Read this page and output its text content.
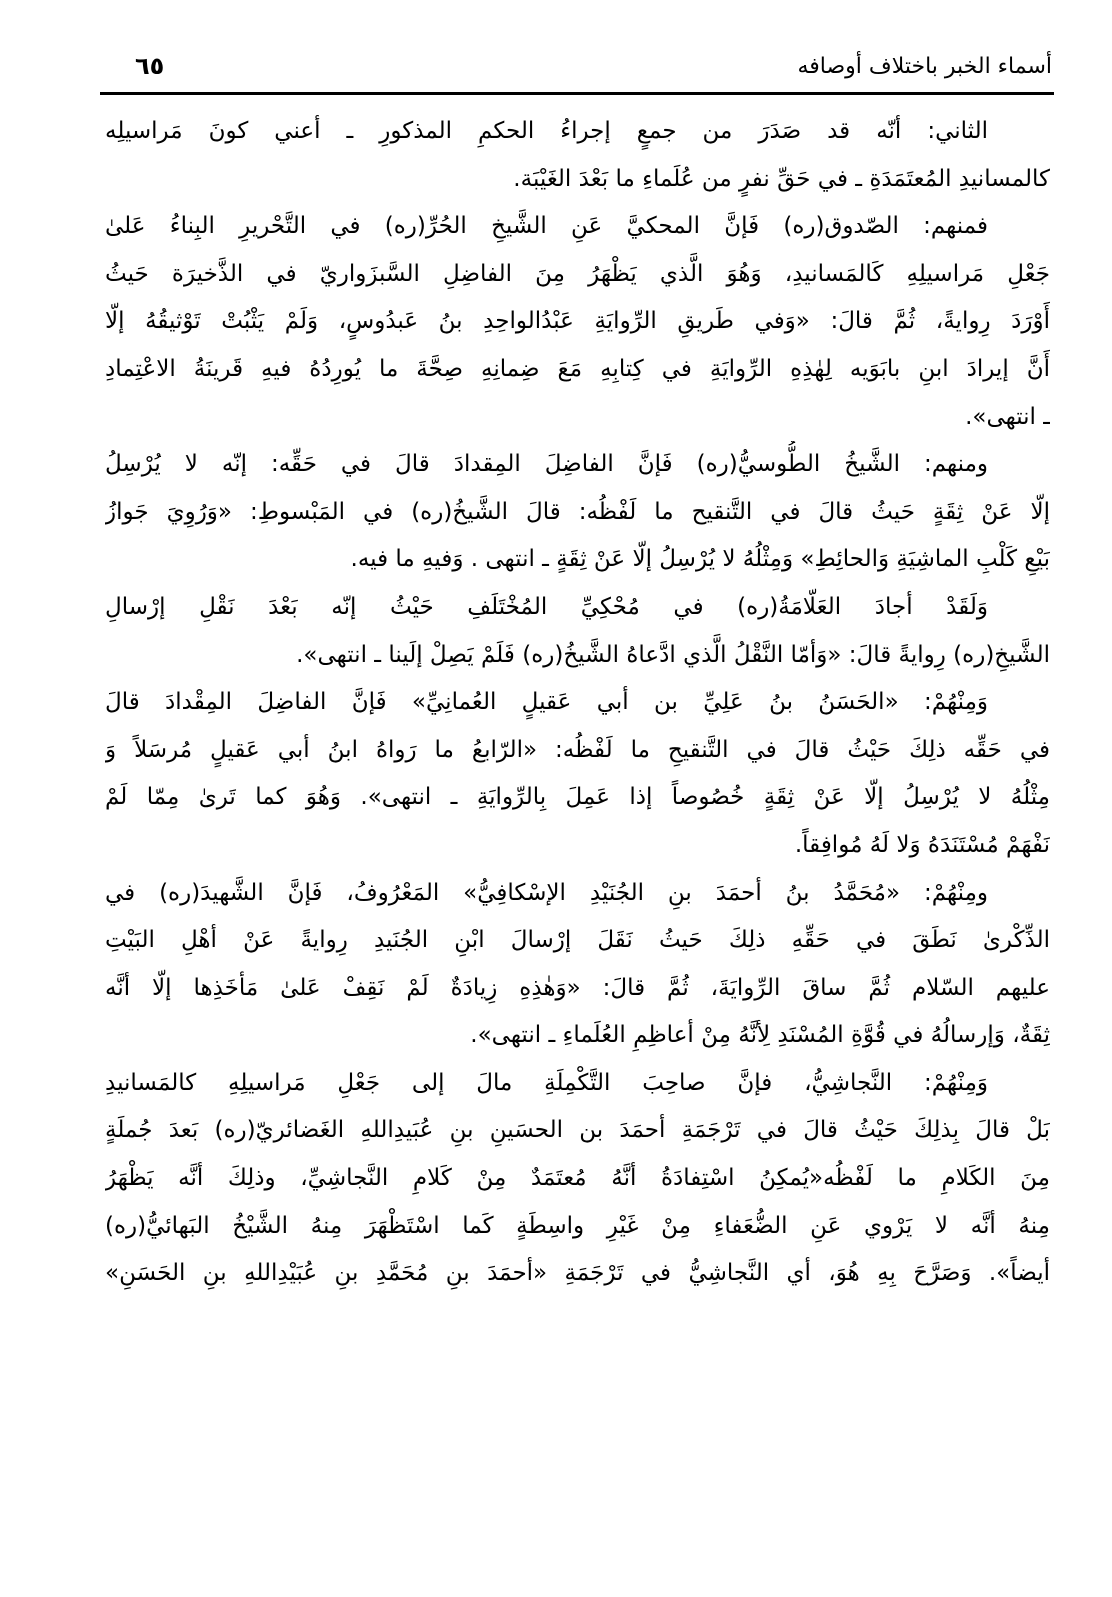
أسماء الخبر باختلاف أوصافه
٦٥
الثاني: أنّه قد صَدَرَ من جمعٍ إجراءُ الحكمِ المذكورِ ـ أعني كونَ مَراسيلِه
كالمسانيدِ المُعتَمَدَةِ ـ في حَقِّ نفرٍ من عُلَماءِ ما بَعْدَ الغَيْبَة.
فمنهم: الصّدوق(ره) فَإنَّ المحكيَّ عَنِ الشَّيخِ الحُرِّ(ره) في التَّحْريرِ البِناءُ عَلىٰ
جَعْلِ مَراسيلِهِ كَالمَسانيدِ، وَهُوَ الَّذي يَظْهَرُ مِنَ الفاضِلِ السَّبزَواريّ في الذَّخيرَة حَيثُ
أَوْرَدَ رِوايةً، ثُمَّ قالَ: «وَفي طَريقِ الرِّوايَةِ عَبْدُالواحِدِ بنُ عَبدُوسٍ، وَلَمْ يَثْبُتْ تَوْثيقُهُ إلّا
أَنَّ إيرادَ ابنِ بابَوَيه لِهٰذِهِ الرِّوايَةِ في كِتابِهِ مَعَ ضِمانِهِ صِحَّةَ ما يُورِدُهُ فيهِ قَرينَةُ الاعْتِمادِ
ـ انتهى».
ومنهم: الشَّيخُ الطُّوسيُّ(ره) فَإنَّ الفاضِلَ المِقدادَ قالَ في حَقِّه: إنّه لا يُرْسِلُ
إلّا عَنْ ثِقَةٍ حَيثُ قالَ في التَّنقيح ما لَفْظُه: قالَ الشَّيخُ(ره) في المَبْسوطِ: «وَرُوِيَ جَوازُ
بَيْعِ كَلْبِ الماشِيَةِ وَالحائِطِ» وَمِثْلُهُ لا يُرْسِلُ إلّا عَنْ ثِقَةٍ ـ انتهى . وَفيهِ ما فيه.
وَلَقَدْ أجادَ العَلّامَةُ(ره) في مُحْكِيِّ المُخْتَلَفِ حَيْثُ إنّه بَعْدَ نَقْلِ إرْسالِ
الشَّيخِ(ره) رِوايةً قالَ: «وَأمّا النَّقْلُ الَّذي ادَّعاهُ الشَّيخُ(ره) فَلَمْ يَصِلْ إلَينا ـ انتهى».
وَمِنْهُمْ: «الحَسَنُ بنُ عَلِيِّ بن أبي عَقيلٍ العُمانِيِّ» فَإنَّ الفاضِلَ المِقْدادَ قالَ
في حَقِّه ذلِكَ حَيْثُ قالَ في التَّنقيحِ ما لَفْظُه: «الرّابعُ ما رَواهُ ابنُ أبي عَقيلٍ مُرسَلاً وَ
مِثْلُهُ لا يُرْسِلُ إلّا عَنْ ثِقَةٍ خُصُوصاً إذا عَمِلَ بِالرِّوايَةِ ـ انتهى». وَهُوَ كما تَرىٰ مِمّا لَمْ
نَفْهَمْ مُسْتَنَدَهُ وَلا لَهُ مُوافِقاً.
ومِنْهُمْ: «مُحَمَّدُ بنُ أحمَدَ بنِ الجُنَيْدِ الإسْكافِيُّ» المَعْرُوفُ، فَإنَّ الشَّهيدَ(ره) في
الذِّكْرىٰ نَطَقَ في حَقِّهِ ذلِكَ حَيثُ نَقَلَ إرْسالَ ابْنِ الجُنَيدِ رِوايةً عَنْ أهْلِ البَيْتِ
عليهم السّلام ثُمَّ ساقَ الرِّوايَةَ، ثُمَّ قالَ: «وَهٰذِهِ زِيادَةٌ لَمْ نَقِفْ عَلىٰ مَأخَذِها إلّا أنَّه
ثِقَةٌ، وَإرسالُهُ في قُوَّةِ المُسْنَدِ لِأنَّهُ مِنْ أعاظِمِ العُلَماءِ ـ انتهى».
وَمِنْهُمْ: النَّجاشِيُّ، فإنَّ صاحِبَ التَّكْمِلَةِ مالَ إلى جَعْلِ مَراسيلِهِ كالمَسانيدِ
بَلْ قالَ بِذلِكَ حَيْثُ قالَ في تَرْجَمَةِ أحمَدَ بن الحسَينِ بنِ عُبَيدِاللهِ الغَضائريّ(ره) بَعدَ جُملَةٍ
مِنَ الكَلامِ ما لَفْظُه«يُمكِنُ اسْتِفادَةُ أنَّهُ مُعتَمَدٌ مِنْ كَلامِ النَّجاشِيِّ، وذلِكَ أنَّه يَظْهَرُ
مِنهُ أنَّه لا يَرْوي عَنِ الضُّعَفاءِ مِنْ غَيْرِ واسِطَةٍ كَما اسْتَظْهَرَ مِنهُ الشَّيْخُ البَهائيُّ(ره)
أيضاً». وَصَرَّحَ بِهِ هُوَ، أي النَّجاشِيُّ في تَرْجَمَةِ «أحمَدَ بنِ مُحَمَّدِ بنِ عُبَيْدِاللهِ بنِ الحَسَنِ»
